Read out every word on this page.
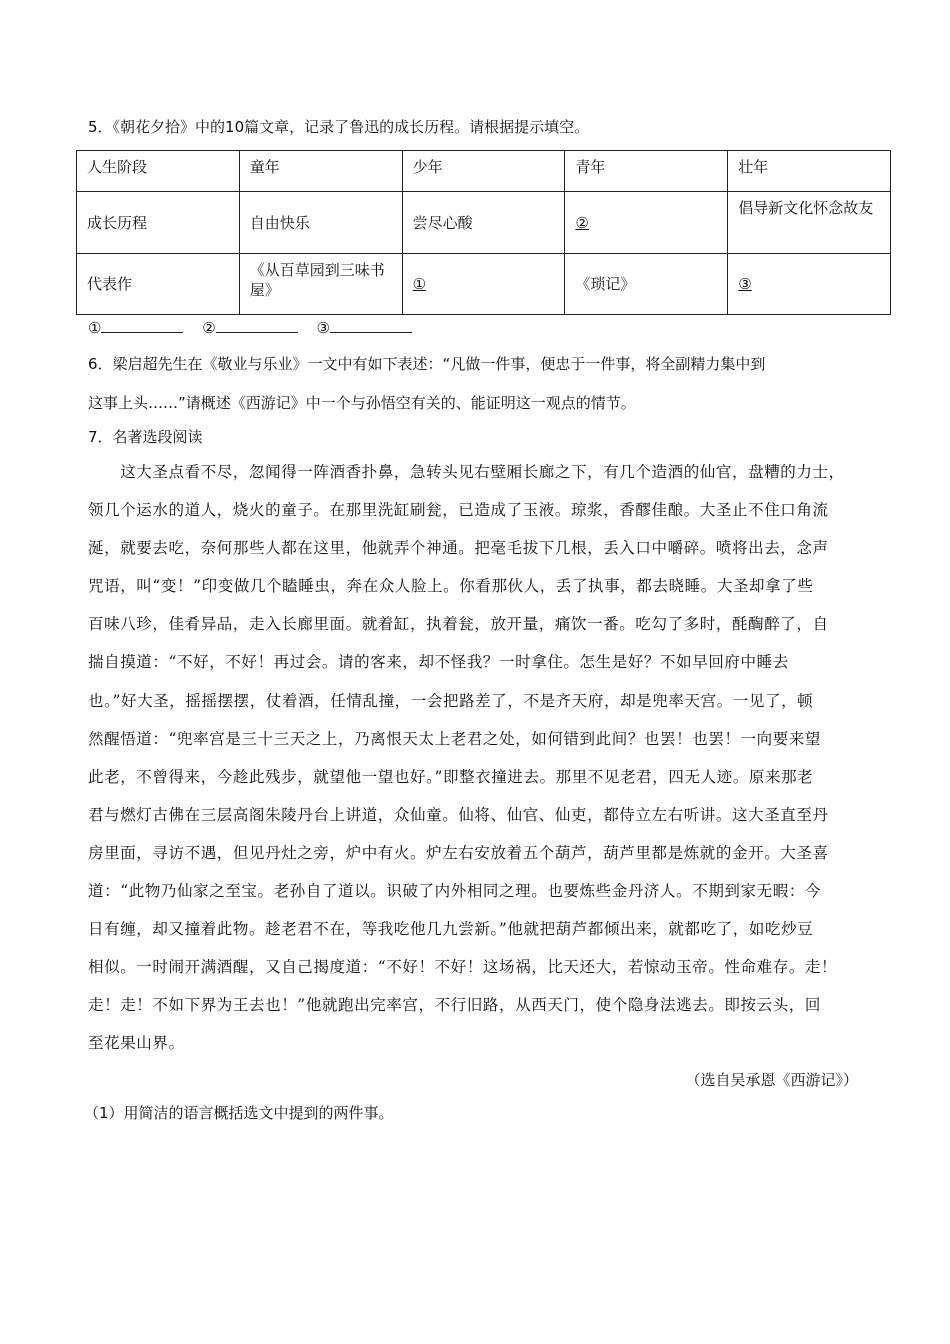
5．《朝花夕拾》中的10篇文章，记录了鲁迅的成长历程。请根据提示填空。
人生阶段	童年	少年	青年	壮年
成长历程	自由快乐	尝尽心酸	②	倡导新文化怀念故友
代表作	《从百草园到三味书屋》	①	《琐记》	③
①	②	③
6．梁启超先生在《敬业与乐业》一文中有如下表述：“凡做一件事，便忠于一件事，将全副精力集中到
这事上头……”请概述《西游记》中一个与孙悟空有关的、能证明这一观点的情节。
7．名著选段阅读
　　这大圣点看不尽，忽闻得一阵酒香扑鼻，急转头见右壁厢长廊之下，有几个造酒的仙官，盘糟的力士，
领几个运水的道人，烧火的童子。在那里洗缸刷瓮，已造成了玉液。琼浆，香醪佳酿。大圣止不住口角流
涎，就要去吃，奈何那些人都在这里，他就弄个神通。把毫毛拔下几根，丢入口中嚼碎。喷将出去，念声
咒语，叫“变！”印变做几个瞌睡虫，奔在众人脸上。你看那伙人，丢了执事，都去晓睡。大圣却拿了些
百味八珍，佳肴异品，走入长廊里面。就着缸，执着瓮，放开量，痛饮一番。吃勾了多时，酕醄醉了，自
揣自摸道：“不好，不好！再过会。请的客来，却不怪我？一时拿住。怎生是好？不如早回府中睡去
也。”好大圣，摇摇摆摆，仗着酒，任情乱撞，一会把路差了，不是齐天府，却是兜率天宫。一见了，顿
然醒悟道：“兜率宫是三十三天之上，乃离恨天太上老君之处，如何错到此间？也罢！也罢！一向要来望
此老，不曾得来，今趁此残步，就望他一望也好。”即整衣撞进去。那里不见老君，四无人迹。原来那老
君与燃灯古佛在三层高阁朱陵丹台上讲道，众仙童。仙将、仙官、仙吏，都侍立左右听讲。这大圣直至丹
房里面，寻访不遇，但见丹灶之旁，炉中有火。炉左右安放着五个葫芦，葫芦里都是炼就的金开。大圣喜
道：“此物乃仙家之至宝。老孙自了道以。识破了内外相同之理。也要炼些金丹济人。不期到家无暇：今
日有缠，却又撞着此物。趁老君不在，等我吃他几九尝新。”他就把葫芦都倾出来，就都吃了，如吃炒豆
相似。一时闹开满酒醒，又自己揭度道：“不好！不好！这场祸，比天还大，若惊动玉帝。性命难存。走！
走！走！不如下界为王去也！”他就跑出完率宫，不行旧路，从西天门，使个隐身法逃去。即按云头，回
至花果山界。
（选自吴承恩《西游记》）
（1）用简洁的语言概括选文中提到的两件事。
